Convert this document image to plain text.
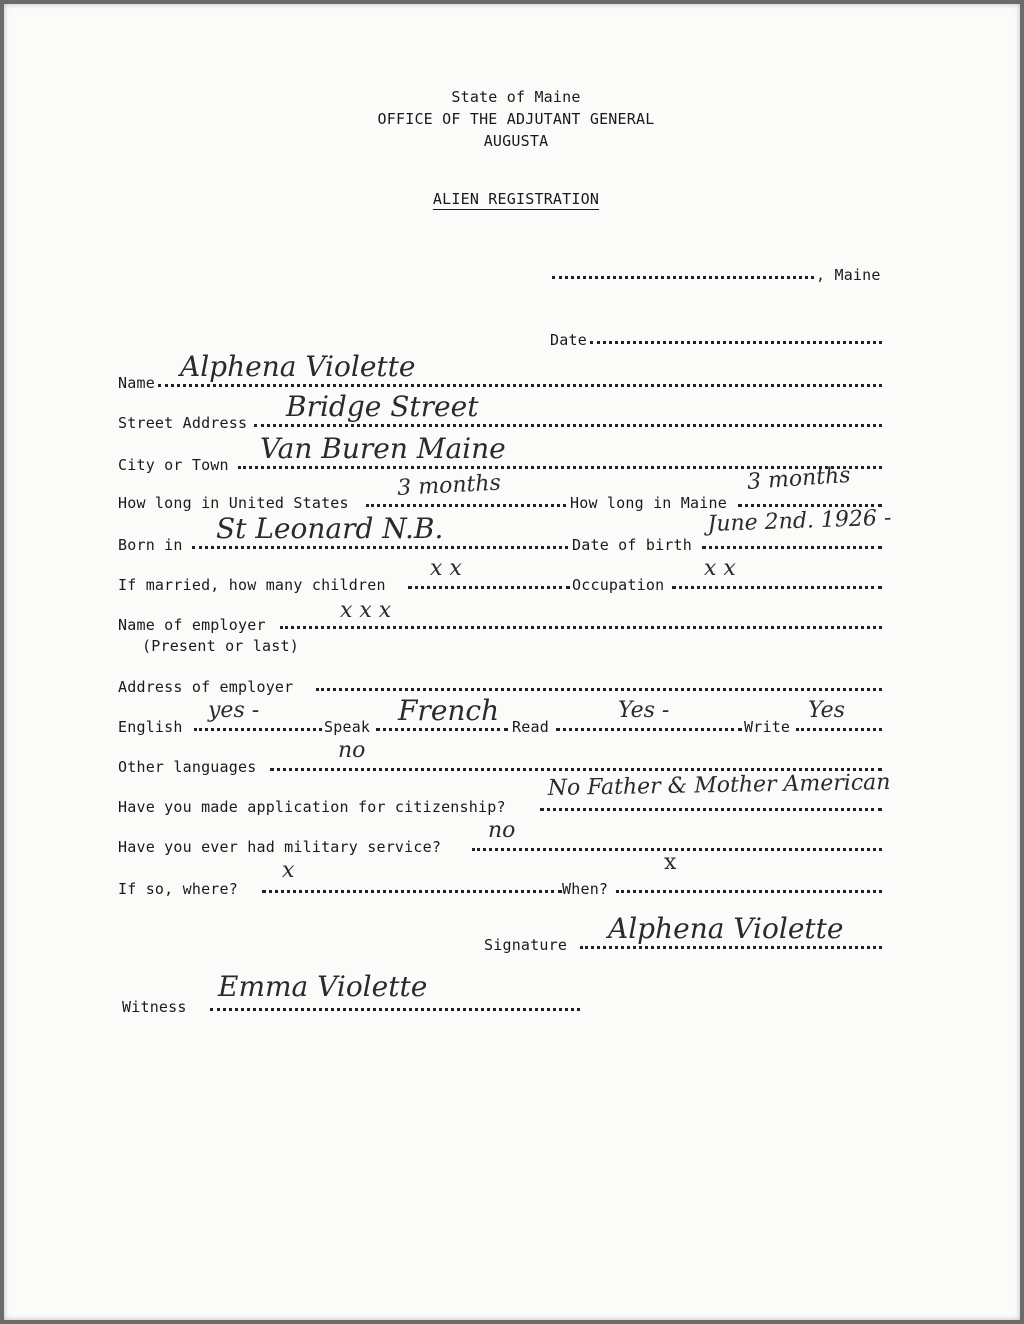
State of Maine
OFFICE OF THE ADJUTANT GENERAL
AUGUSTA
ALIEN REGISTRATION
, Maine
Date
Name Alphena Violette
Street Address Bridge Street
City or Town Van Buren Maine
How long in United States
3 months
How long in Maine
3 months
Born in St Leonard N.B.	Date of birth
June 2nd. 1926 -
If married, how many children
x x
Occupation
x x
Name of employer
x x x
(Present or last)
Address of employer
English
yes -
Speak French Read
Yes -
Write
Yes
Other languages
no
Have you made application for citizenship?
No Father & Mother American
Have you ever had military service?
no
If so, where?
x
When?
x
Signature Alphena Violette
Witness
Emma Violette
